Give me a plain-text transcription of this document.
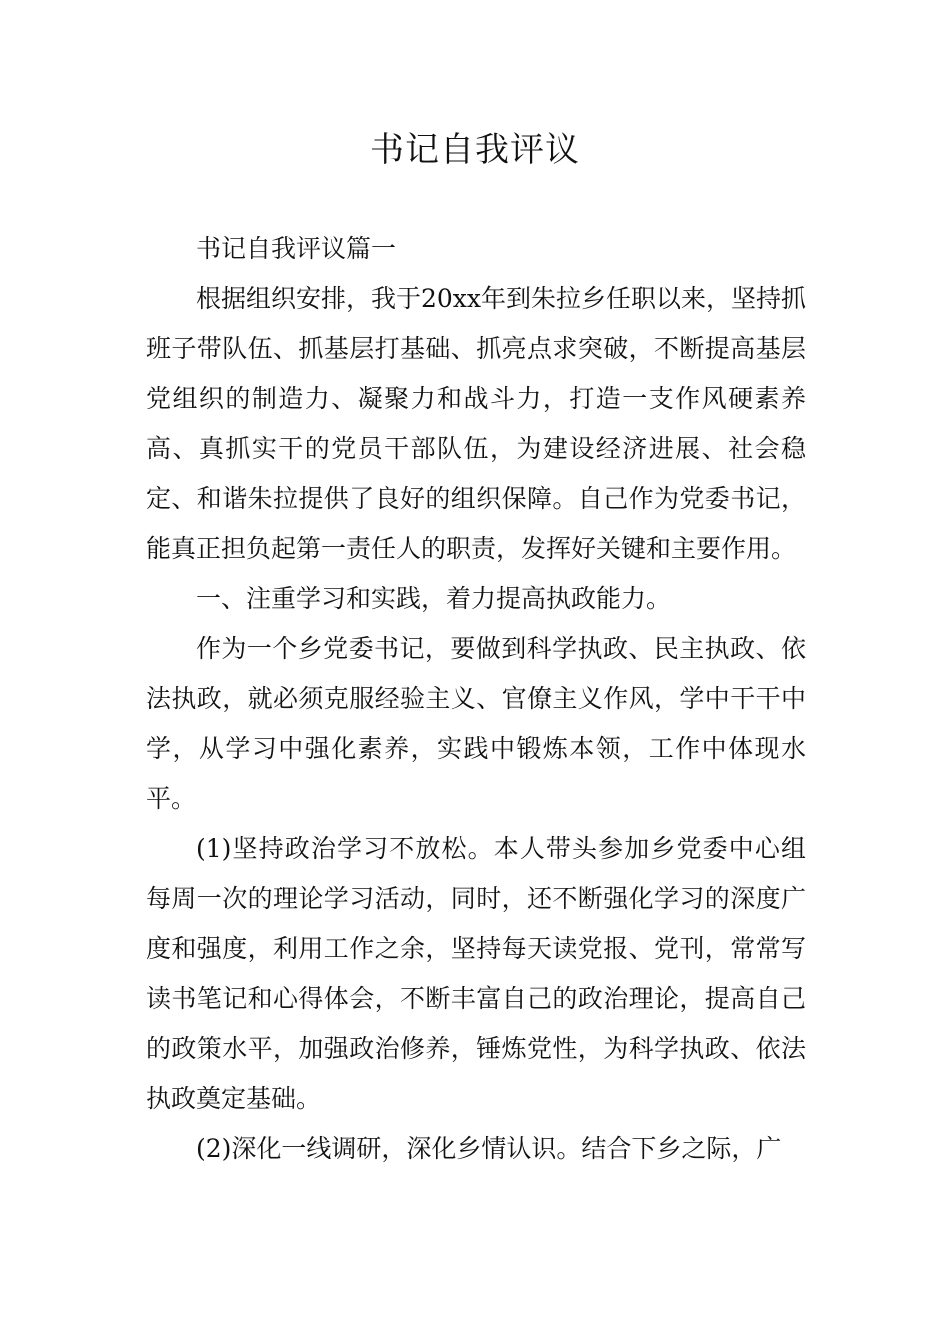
书记自我评议

书记自我评议篇一

根据组织安排，我于20xx年到朱拉乡任职以来，坚持抓班子带队伍、抓基层打基础、抓亮点求突破，不断提高基层党组织的制造力、凝聚力和战斗力，打造一支作风硬素养高、真抓实干的党员干部队伍，为建设经济进展、社会稳定、和谐朱拉提供了良好的组织保障。自己作为党委书记，能真正担负起第一责任人的职责，发挥好关键和主要作用。

一、注重学习和实践，着力提高执政能力。

作为一个乡党委书记，要做到科学执政、民主执政、依法执政，就必须克服经验主义、官僚主义作风，学中干干中学，从学习中强化素养，实践中锻炼本领，工作中体现水平。

(1)坚持政治学习不放松。本人带头参加乡党委中心组每周一次的理论学习活动，同时，还不断强化学习的深度广度和强度，利用工作之余，坚持每天读党报、党刊，常常写读书笔记和心得体会，不断丰富自己的政治理论，提高自己的政策水平，加强政治修养，锤炼党性，为科学执政、依法执政奠定基础。

(2)深化一线调研，深化乡情认识。结合下乡之际，广
